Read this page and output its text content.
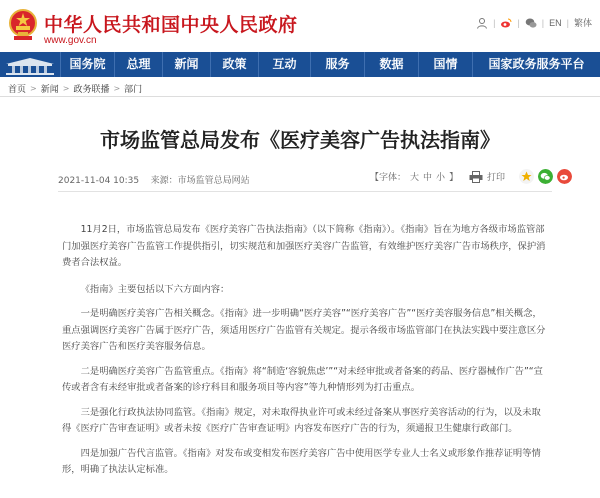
中华人民共和国中央人民政府
www.gov.cn
| | | EN | 繁体
国务院	总理	新闻	政策	互动	服务	数据	国情	国家政务服务平台
首页 > 新闻 > 政务联播 > 部门
市场监管总局发布《医疗美容广告执法指南》
2021-11-04 10:35 来源：市场监管总局网站	【字体： 大 中 小 】
	打印

11月2日，市场监管总局发布《医疗美容广告执法指南》（以下简称《指南》）。《指南》旨在为地方各级市场监管部门加强医疗美容广告监管工作提供指引，切实规范和加强医疗美容广告监管，有效维护医疗美容广告市场秩序，保护消费者合法权益。

《指南》主要包括以下六方面内容：

一是明确医疗美容广告相关概念。《指南》进一步明确“医疗美容”“医疗美容广告”“医疗美容服务信息”相关概念，重点强调医疗美容广告属于医疗广告，须适用医疗广告监管有关规定。提示各级市场监管部门在执法实践中要注意区分医疗美容广告和医疗美容服务信息。

二是明确医疗美容广告监管重点。《指南》将“制造‘容貌焦虑’”“对未经审批或者备案的药品、医疗器械作广告”“宣传或者含有未经审批或者备案的诊疗科目和服务项目等内容”等九种情形列为打击重点。

三是强化行政执法协同监管。《指南》规定，对未取得执业许可或未经过备案从事医疗美容活动的行为，以及未取得《医疗广告审查证明》或者未按《医疗广告审查证明》内容发布医疗广告的行为，须通报卫生健康行政部门。

四是加强广告代言监管。《指南》对发布或变相发布医疗美容广告中使用医学专业人士名义或形象作推荐证明等情形，明确了执法认定标准。
